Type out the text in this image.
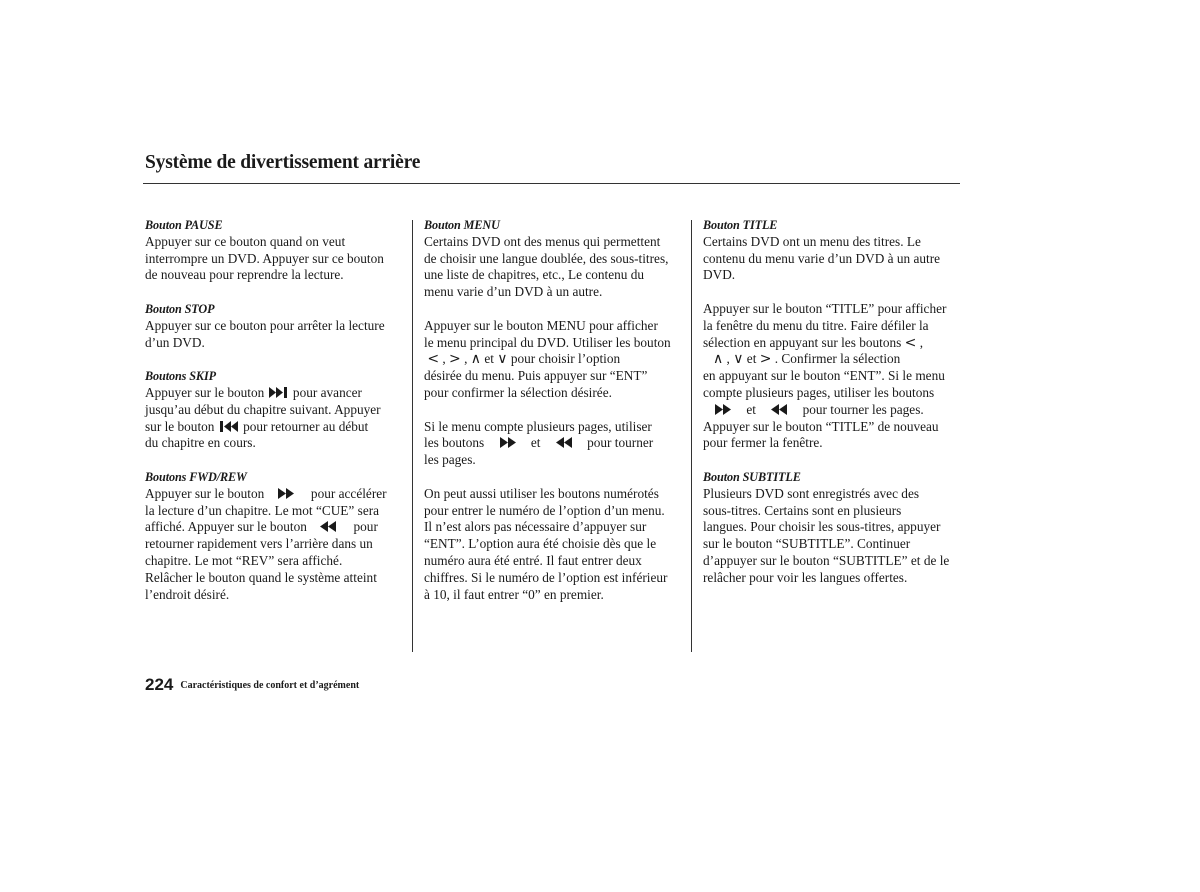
Système de divertissement arrière
Bouton PAUSE
Appuyer sur ce bouton quand on veut
interrompre un DVD. Appuyer sur ce bouton
de nouveau pour reprendre la lecture.
Bouton STOP
Appuyer sur ce bouton pour arrêter la lecture
d’un DVD.
Boutons SKIP
Appuyer sur le bouton  pour avancer
jusqu’au début du chapitre suivant. Appuyer
sur le bouton  pour retourner au début
du chapitre en cours.
Boutons FWD/REW
Appuyer sur le bouton	pour accélérer
la lecture d’un chapitre. Le mot “CUE” sera
affiché. Appuyer sur le bouton	pour
retourner rapidement vers l’arrière dans un
chapitre. Le mot “REV” sera affiché.
Relâcher le bouton quand le système atteint
l’endroit désiré.
Bouton MENU
Certains DVD ont des menus qui permettent
de choisir une langue doublée, des sous-titres,
une liste de chapitres, etc., Le contenu du
menu varie d’un DVD à un autre.
Appuyer sur le bouton MENU pour afficher
le menu principal du DVD. Utiliser les bouton
< , > , ∧ et ∨ pour choisir l’option
désirée du menu. Puis appuyer sur “ENT”
pour confirmer la sélection désirée.
Si le menu compte plusieurs pages, utiliser
les boutons	et	pour tourner
les pages.
On peut aussi utiliser les boutons numérotés
pour entrer le numéro de l’option d’un menu.
Il n’est alors pas nécessaire d’appuyer sur
“ENT”. L’option aura été choisie dès que le
numéro aura été entré. Il faut entrer deux
chiffres. Si le numéro de l’option est inférieur
à 10, il faut entrer “0” en premier.
Bouton TITLE
Certains DVD ont un menu des titres. Le
contenu du menu varie d’un DVD à un autre
DVD.
Appuyer sur le bouton “TITLE” pour afficher
la fenêtre du menu du titre. Faire défiler la
sélection en appuyant sur les boutons < ,
∧ , ∨ et > . Confirmer la sélection
en appuyant sur le bouton “ENT”. Si le menu
compte plusieurs pages, utiliser les boutons
et	pour tourner les pages.
Appuyer sur le bouton “TITLE” de nouveau
pour fermer la fenêtre.
Bouton SUBTITLE
Plusieurs DVD sont enregistrés avec des
sous-titres. Certains sont en plusieurs
langues. Pour choisir les sous-titres, appuyer
sur le bouton “SUBTITLE”. Continuer
d’appuyer sur le bouton “SUBTITLE” et de le
relâcher pour voir les langues offertes.
224 Caractéristiques de confort et d’agrément
